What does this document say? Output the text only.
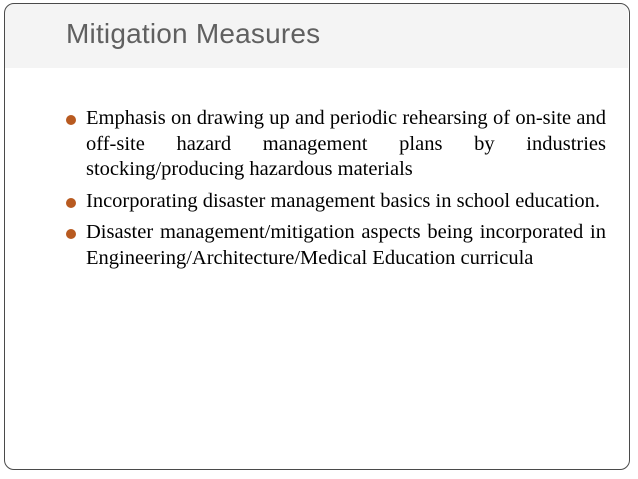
Mitigation Measures
Emphasis on drawing up and periodic rehearsing of on-site and off-site hazard management plans by industries stocking/producing hazardous materials
Incorporating disaster management basics in school education.
Disaster management/mitigation aspects being incorporated in Engineering/Architecture/Medical Education curricula
